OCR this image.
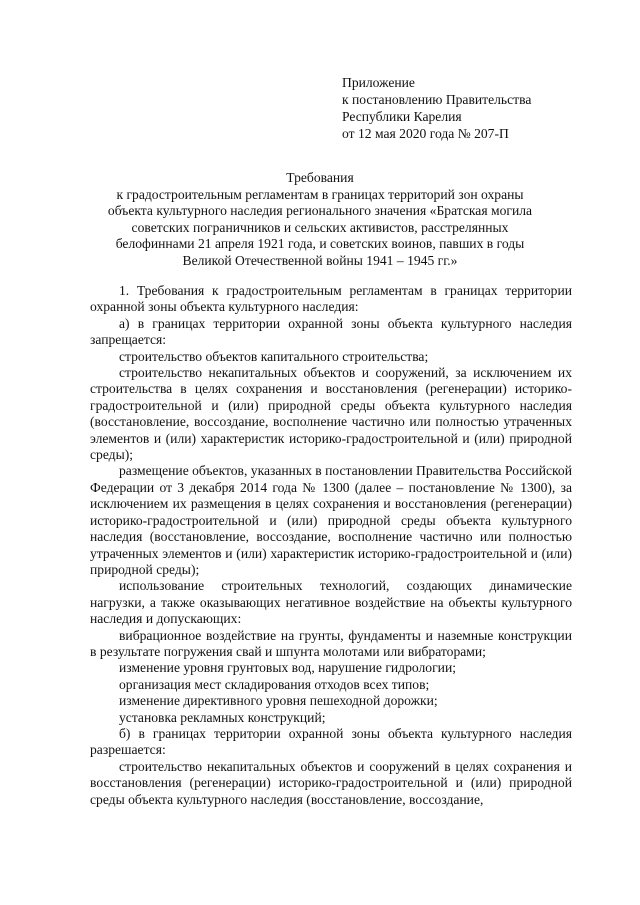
Приложение
к постановлению Правительства
Республики Карелия
от 12 мая 2020 года № 207-П
Требования
к градостроительным регламентам в границах территорий зон охраны
объекта культурного наследия регионального значения «Братская могила
советских пограничников и сельских активистов, расстрелянных
белофиннами 21 апреля 1921 года, и советских воинов, павших в годы
Великой Отечественной войны 1941 – 1945 гг.»

1. Требования к градостроительным регламентам в границах территории охранной зоны объекта культурного наследия:

а) в границах территории охранной зоны объекта культурного наследия запрещается:

строительство объектов капитального строительства;

строительство некапитальных объектов и сооружений, за исключением их строительства в целях сохранения и восстановления (регенерации) историко-градостроительной и (или) природной среды объекта культурного наследия (восстановление, воссоздание, восполнение частично или полностью утраченных элементов и (или) характеристик историко-градостроительной и (или) природной среды);

размещение объектов, указанных в постановлении Правительства Российской Федерации от 3 декабря 2014 года № 1300 (далее – постановление № 1300), за исключением их размещения в целях сохранения и восстановления (регенерации) историко-градостроительной и (или) природной среды объекта культурного наследия (восстановление, воссоздание, восполнение частично или полностью утраченных элементов и (или) характеристик историко-градостроительной и (или) природной среды);

использование строительных технологий, создающих динамические нагрузки, а также оказывающих негативное воздействие на объекты культурного наследия и допускающих:

вибрационное воздействие на грунты, фундаменты и наземные конструкции в результате погружения свай и шпунта молотами или вибраторами;

изменение уровня грунтовых вод, нарушение гидрологии;

организация мест складирования отходов всех типов;

изменение директивного уровня пешеходной дорожки;

установка рекламных конструкций;

б) в границах территории охранной зоны объекта культурного наследия разрешается:

строительство некапитальных объектов и сооружений в целях сохранения и восстановления (регенерации) историко-градостроительной и (или) природной среды объекта культурного наследия (восстановление, воссоздание,
